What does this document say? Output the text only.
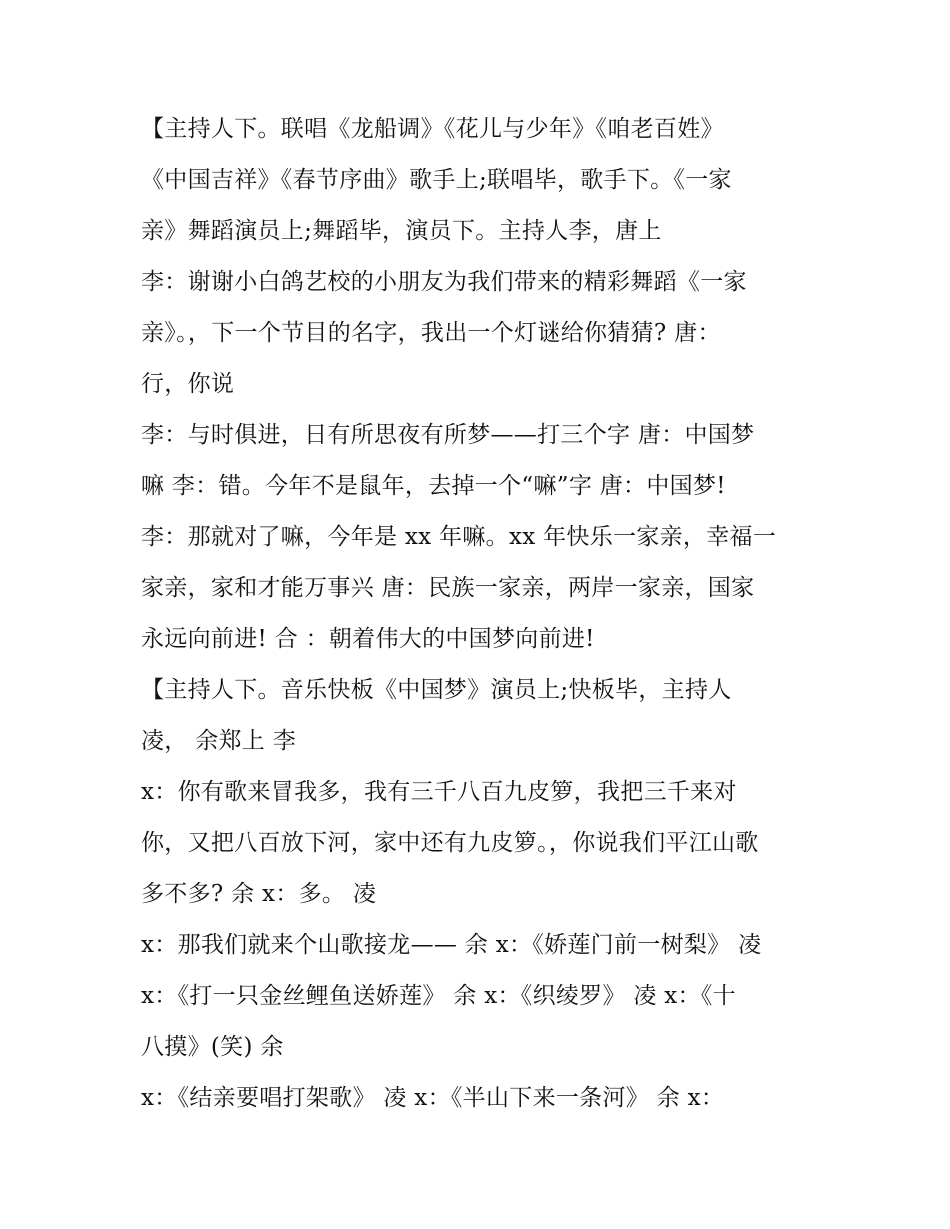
【主持人下。联唱《龙船调》《花儿与少年》《咱老百姓》
《中国吉祥》《春节序曲》歌手上;联唱毕，歌手下。《一家
亲》舞蹈演员上;舞蹈毕，演员下。主持人李，唐上
李：谢谢小白鸽艺校的小朋友为我们带来的精彩舞蹈《一家
亲》。，下一个节目的名字，我出一个灯谜给你猜猜? 唐：
行，你说
李：与时俱进，日有所思夜有所梦——打三个字 唐：中国梦
嘛 李：错。今年不是鼠年，去掉一个“嘛”字 唐：中国梦!
李：那就对了嘛，今年是 xx 年嘛。xx 年快乐一家亲，幸福一
家亲，家和才能万事兴 唐：民族一家亲，两岸一家亲，国家
永远向前进! 合 ：朝着伟大的中国梦向前进!
【主持人下。音乐快板《中国梦》演员上;快板毕，主持人
凌， 余郑上 李
x：你有歌来冒我多，我有三千八百九皮箩，我把三千来对
你，又把八百放下河，家中还有九皮箩。，你说我们平江山歌
多不多? 余 x：多。 凌
x：那我们就来个山歌接龙—— 余 x：《娇莲门前一树梨》 凌
x：《打一只金丝鲤鱼送娇莲》 余 x：《织绫罗》 凌 x：《十
八摸》(笑) 余
x：《结亲要唱打架歌》 凌 x：《半山下来一条河》 余 x：
